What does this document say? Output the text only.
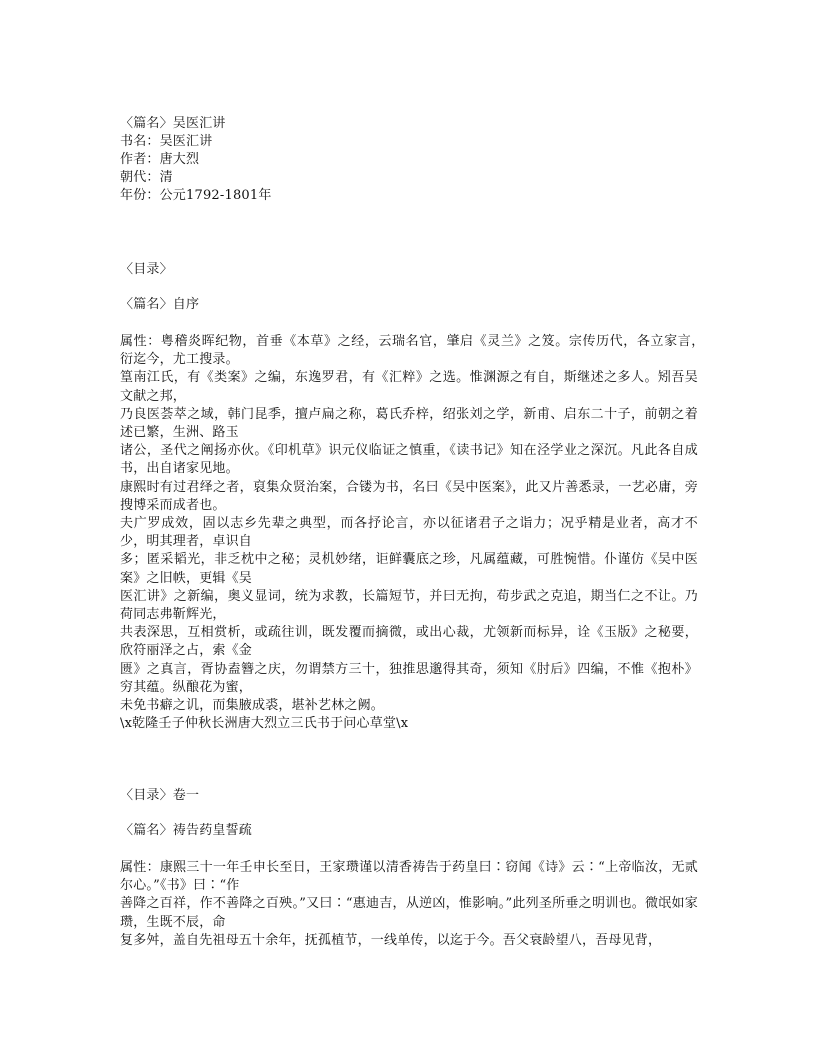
〈篇名〉吴医汇讲
书名：吴医汇讲
作者：唐大烈
朝代：清
年份：公元1792-1801年
〈目录〉
〈篇名〉自序
属性：粤稽炎晖纪物，首垂《本草》之经，云瑞名官，肇启《灵兰》之笈。宗传历代，各立家言，　衍迄今，尤工搜录。
篁南江氏，有《类案》之编，东逸罗君，有《汇粹》之选。惟渊源之有自，斯继述之多人。矧吾吴文献之邦，
乃良医荟萃之域，韩门昆季，擅卢扁之称，葛氏乔梓，绍张刘之学，新甫、启东二十子，前朝之着述已繁，生洲、路玉
诸公，圣代之阐扬亦伙。《印机草》识元仪临证之慎重，《读书记》知在泾学业之深沉。凡此各自成书，出自诸家见地。
康熙时有过君绎之者，裒集众贤治案，合镂为书，名曰《吴中医案》，此又片善悉录，一艺必庸，旁搜博采而成者也。
夫广罗成效，固以志乡先辈之典型，而各抒论言，亦以征诸君子之诣力；况乎精是业者，高才不少，明其理者，卓识自
多；匿采韬光，非乏枕中之秘；灵机妙绪，讵鲜囊底之珍，凡属蕴藏，可胜惋惜。仆谨仿《吴中医案》之旧帙，更辑《吴
医汇讲》之新编，奥义显词，统为求教，长篇短节，并曰无拘，苟步武之克追，期当仁之不让。乃荷同志弗靳辉光，
共表深思，互相赏析，或疏往训，既发覆而摘微，或出心裁，尤领新而标异，诠《玉版》之秘要，欣符丽泽之占，索《金
匮》之真言，胥协盍簪之庆，勿谓禁方三十，独推思邈得其奇，须知《肘后》四编，不惟《抱朴》穷其蕴。纵酿花为蜜，
未免书癖之讥，而集腋成裘，堪补艺林之阙。
\x乾隆壬子仲秋长洲唐大烈立三氏书于问心草堂\x
〈目录〉卷一
〈篇名〉祷告药皇誓疏
属性：康熙三十一年壬申长至日，王家瓒谨以清香祷告于药皇曰∶窃闻《诗》云∶“上帝临汝，无贰尔心。”《书》曰∶“作
善降之百祥，作不善降之百殃。”又曰∶“惠迪吉，从逆凶，惟影响。”此列圣所垂之明训也。微氓如家瓒，生既不辰，命
复多舛，盖自先祖母五十余年，抚孤植节，一线单传，以迄于今。吾父衰龄望八，吾母见背，
